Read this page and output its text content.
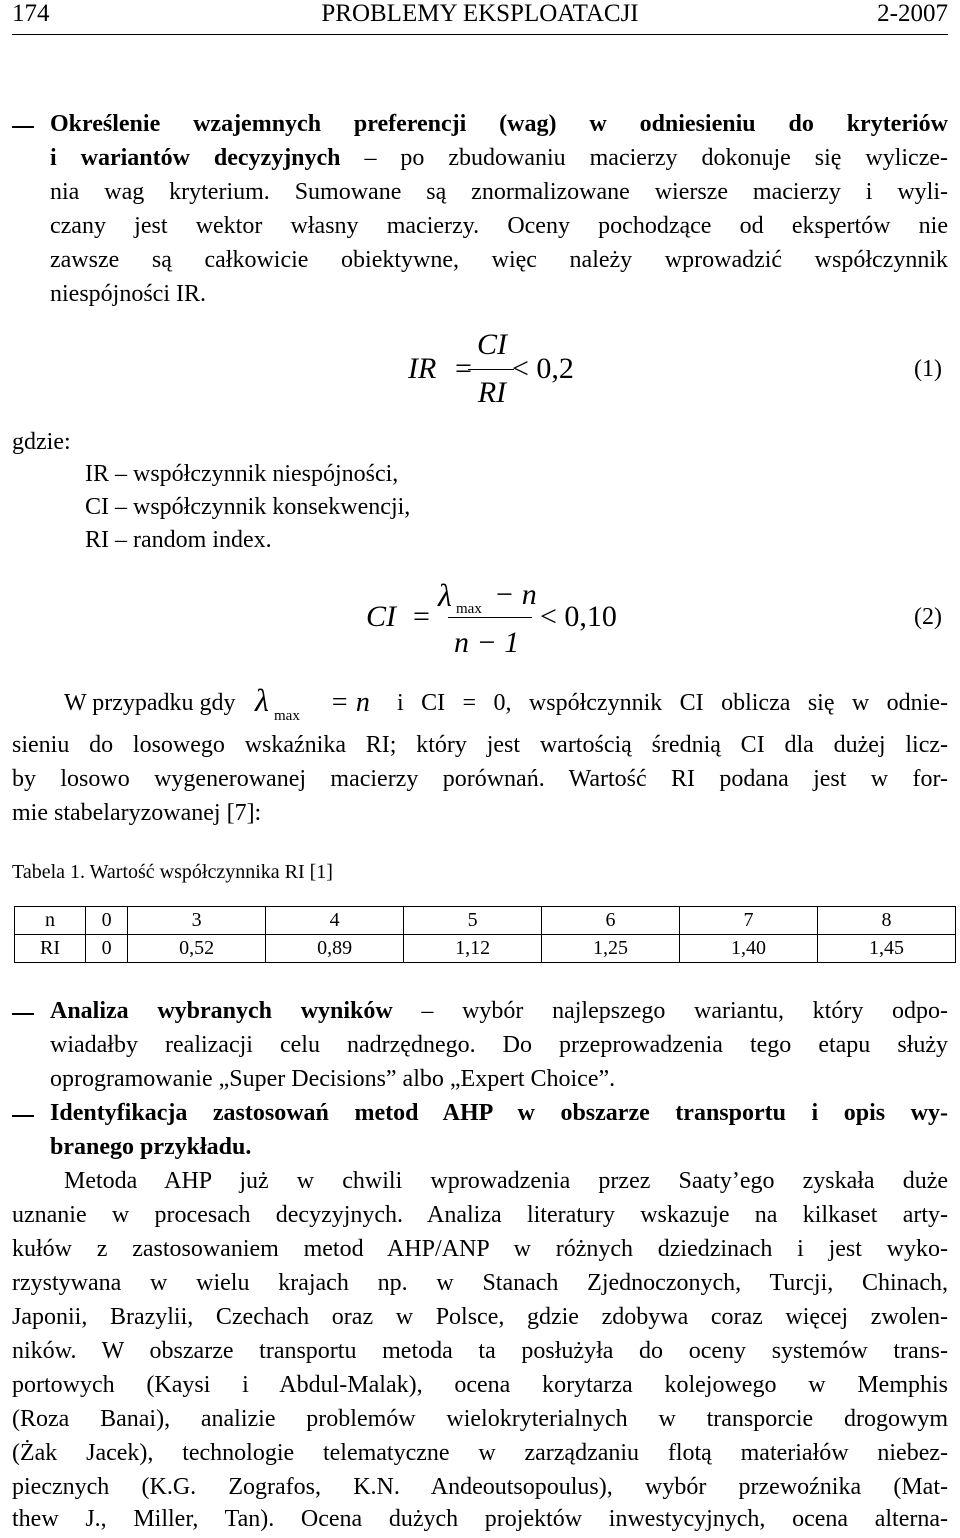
174	PROBLEMY EKSPLOATACJI	2-2007

Określenie wzajemnych preferencji (wag) w odniesieniu do kryteriów

i wariantów decyzyjnych – po zbudowaniu macierzy dokonuje się wylicze-

nia wag kryterium. Sumowane są znormalizowane wiersze macierzy i wyli-

czany jest wektor własny macierzy. Oceny pochodzące od ekspertów nie

zawsze są całkowicie obiektywne, więc należy wprowadzić współczynnik

niespójności IR.

IR =
CI
RI
< 0,2	(1)

gdzie:

IR – współczynnik niespójności,

CI – współczynnik konsekwencji,

RI – random index.

CI =
λ max − n
n − 1
< 0,10	(2)

W przypadku gdy λ max = n i CI = 0, współczynnik CI oblicza się w odnie-

sieniu do losowego wskaźnika RI; który jest wartością średnią CI dla dużej licz-

by losowo wygenerowanej macierzy porównań. Wartość RI podana jest w for-

mie stabelaryzowanej [7]:

Tabela 1. Wartość współczynnika RI [1]
n	0	3	4	5	6	7	8
RI	0	0,52	0,89	1,12	1,25	1,40	1,45

Analiza wybranych wyników – wybór najlepszego wariantu, który odpo-

wiadałby realizacji celu nadrzędnego. Do przeprowadzenia tego etapu służy

oprogramowanie „Super Decisions” albo „Expert Choice”.

Identyfikacja zastosowań metod AHP w obszarze transportu i opis wy-

branego przykładu.

Metoda AHP już w chwili wprowadzenia przez Saaty’ego zyskała duże

uznanie w procesach decyzyjnych. Analiza literatury wskazuje na kilkaset arty-

kułów z zastosowaniem metod AHP/ANP w różnych dziedzinach i jest wyko-

rzystywana w wielu krajach np. w Stanach Zjednoczonych, Turcji, Chinach,

Japonii, Brazylii, Czechach oraz w Polsce, gdzie zdobywa coraz więcej zwolen-

ników. W obszarze transportu metoda ta posłużyła do oceny systemów trans-

portowych (Kaysi i Abdul-Malak), ocena korytarza kolejowego w Memphis

(Roza Banai), analizie problemów wielokryterialnych w transporcie drogowym

(Żak Jacek), technologie telematyczne w zarządzaniu flotą materiałów niebez-

piecznych (K.G. Zografos, K.N. Andeoutsopoulus), wybór przewoźnika (Mat-

thew J., Miller, Tan). Ocena dużych projektów inwestycyjnych, ocena alterna-
